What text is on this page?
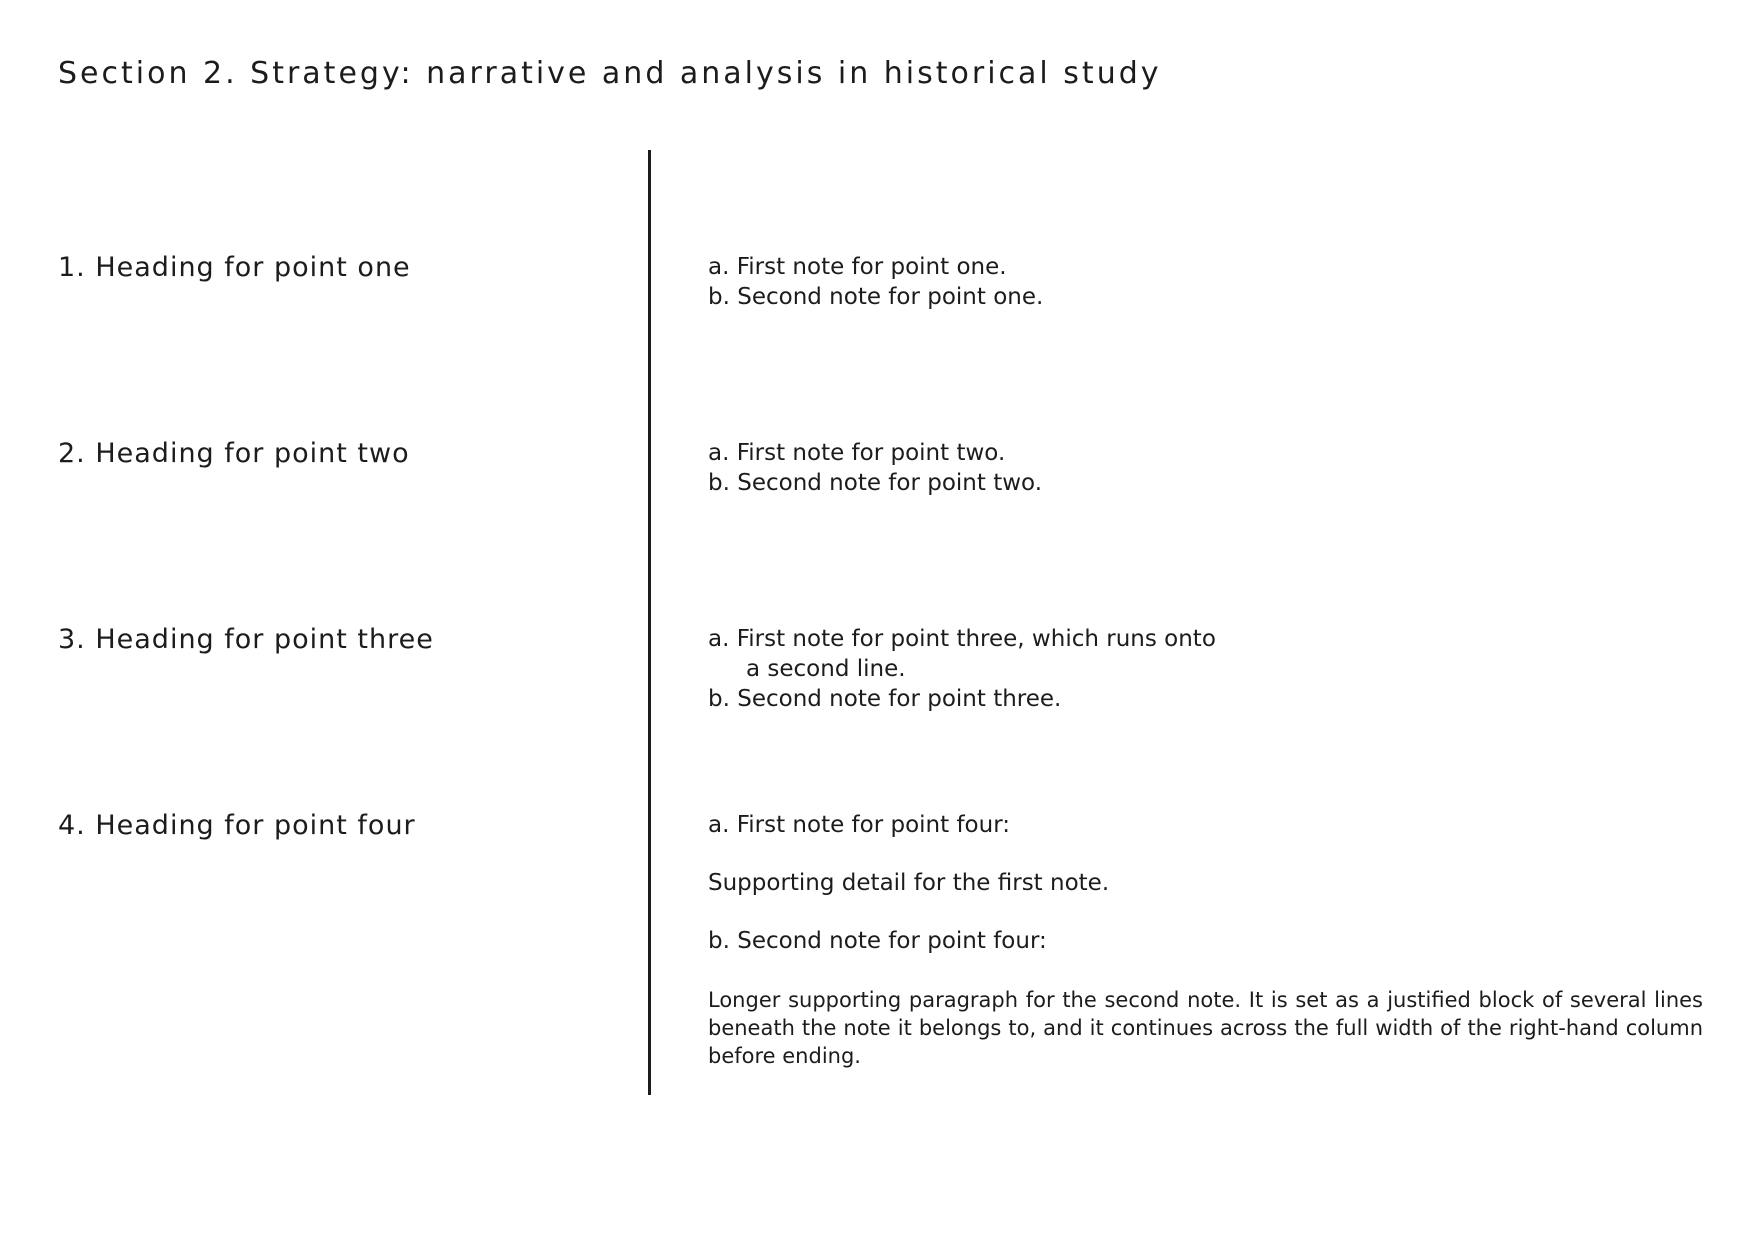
Section 2. Strategy: narrative and analysis in historical study
1. Heading for point one	a. First note for point one.
b. Second note for point one.
2. Heading for point two	a. First note for point two.
b. Second note for point two.
3. Heading for point three	a. First note for point three, which runs onto
a second line.
b. Second note for point three.
4. Heading for point four	a. First note for point four:
Supporting detail for the first note.
b. Second note for point four:
Longer supporting paragraph for the second note. It is set as a justified block of several lines beneath the note it belongs to, and it continues across the full width of the right-hand column before ending.
